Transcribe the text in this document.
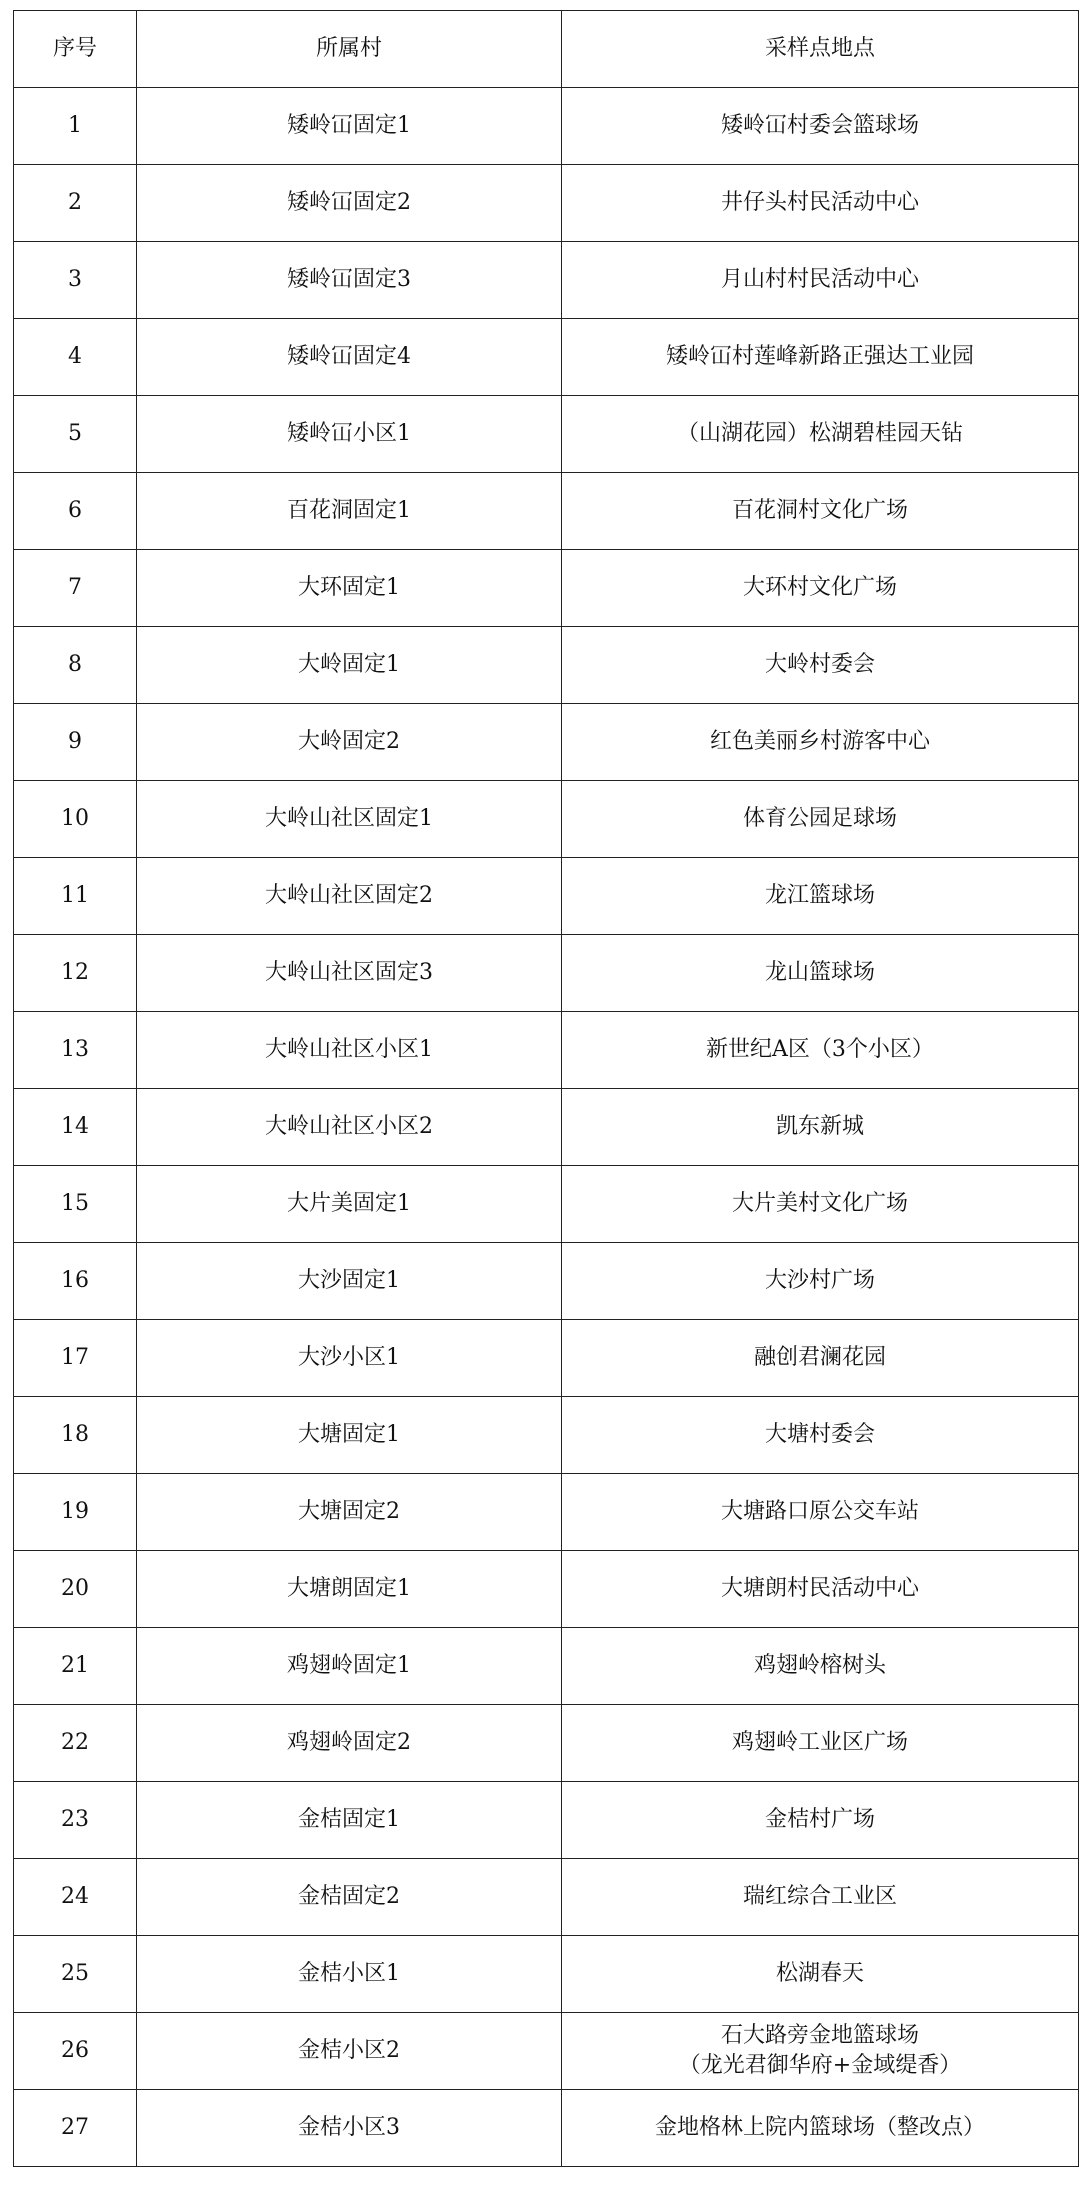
序号	所属村	采样点地点
1	矮岭冚固定1	矮岭冚村委会篮球场

2	矮岭冚固定2	井仔头村民活动中心

3	矮岭冚固定3	月山村村民活动中心

4	矮岭冚固定4	矮岭冚村莲峰新路正强达工业园

5	矮岭冚小区1	（山湖花园）松湖碧桂园天钻

6	百花洞固定1	百花洞村文化广场

7	大环固定1	大环村文化广场

8	大岭固定1	大岭村委会

9	大岭固定2	红色美丽乡村游客中心

10	大岭山社区固定1	体育公园足球场

11	大岭山社区固定2	龙江篮球场

12	大岭山社区固定3	龙山篮球场

13	大岭山社区小区1	新世纪A区（3个小区）

14	大岭山社区小区2	凯东新城

15	大片美固定1	大片美村文化广场

16	大沙固定1	大沙村广场

17	大沙小区1	融创君澜花园

18	大塘固定1	大塘村委会

19	大塘固定2	大塘路口原公交车站

20	大塘朗固定1	大塘朗村民活动中心

21	鸡翅岭固定1	鸡翅岭榕树头

22	鸡翅岭固定2	鸡翅岭工业区广场

23	金桔固定1	金桔村广场

24	金桔固定2	瑞红综合工业区

25	金桔小区1	松湖春天

26	金桔小区2	石大路旁金地篮球场
（龙光君御华府+金域缇香）

27	金桔小区3	金地格林上院内篮球场（整改点）
